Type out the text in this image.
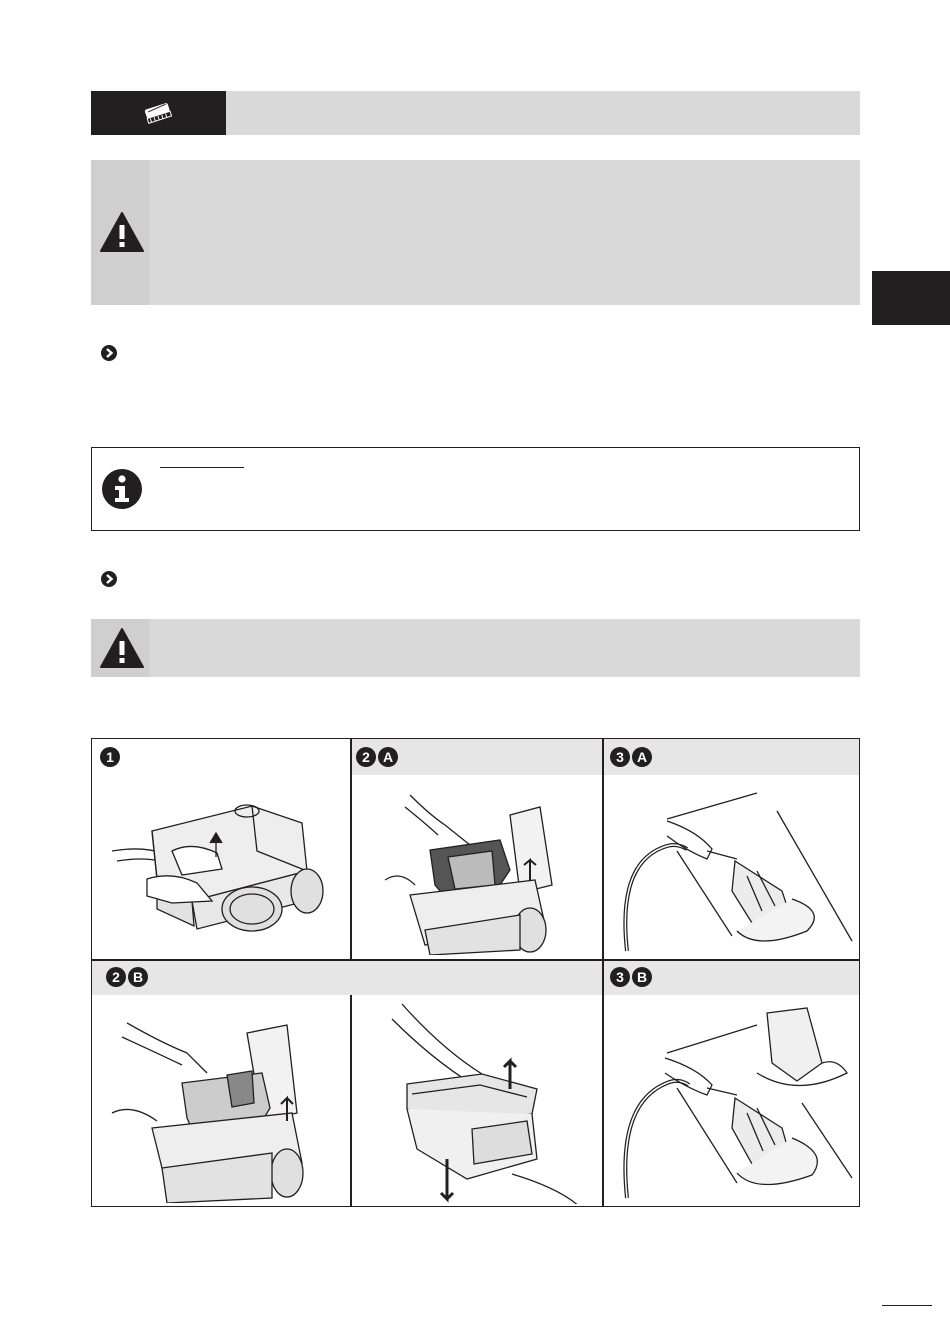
1	2 A	3 A
2 B	3 B
